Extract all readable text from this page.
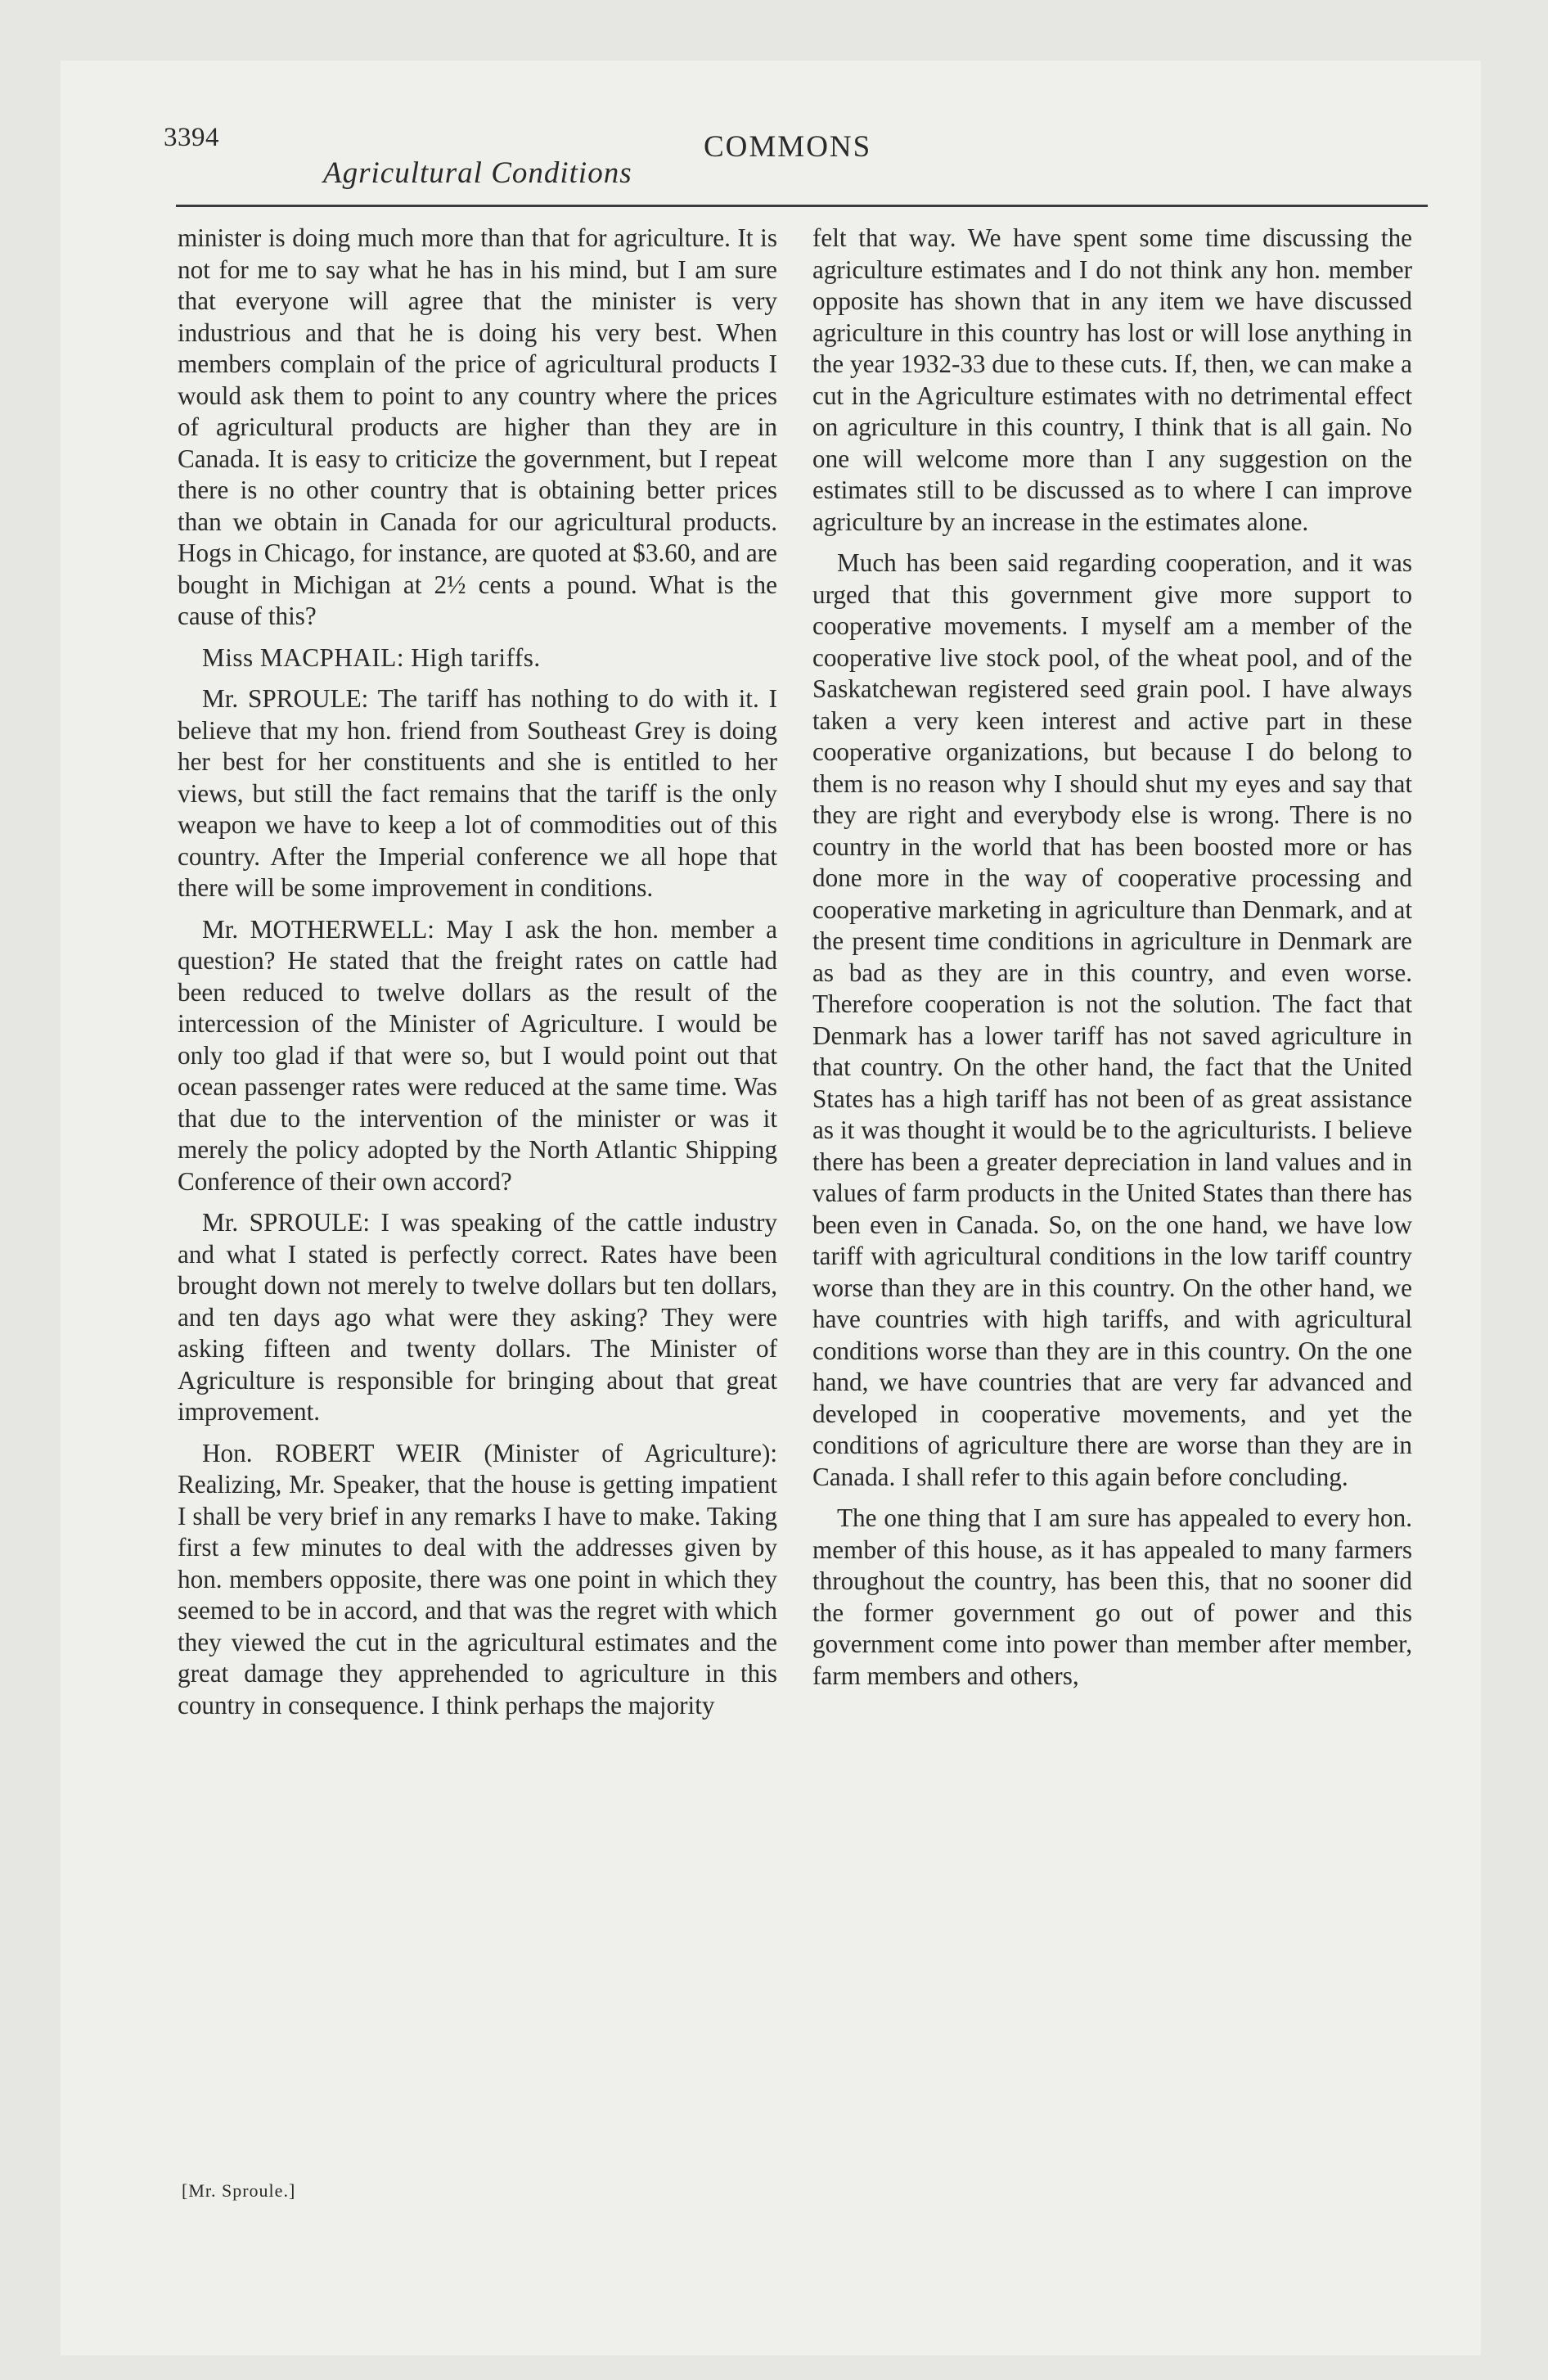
3394
Agricultural Conditions
COMMONS

minister is doing much more than that for agriculture. It is not for me to say what he has in his mind, but I am sure that everyone will agree that the minister is very industrious and that he is doing his very best. When members complain of the price of agricultural products I would ask them to point to any country where the prices of agricultural products are higher than they are in Canada. It is easy to criticize the government, but I repeat there is no other country that is obtaining better prices than we obtain in Canada for our agricultural products. Hogs in Chicago, for instance, are quoted at $3.60, and are bought in Michigan at 2½ cents a pound. What is the cause of this?

Miss MACPHAIL: High tariffs.

Mr. SPROULE: The tariff has nothing to do with it. I believe that my hon. friend from Southeast Grey is doing her best for her constituents and she is entitled to her views, but still the fact remains that the tariff is the only weapon we have to keep a lot of commodities out of this country. After the Imperial conference we all hope that there will be some improvement in conditions.

Mr. MOTHERWELL: May I ask the hon. member a question? He stated that the freight rates on cattle had been reduced to twelve dollars as the result of the intercession of the Minister of Agriculture. I would be only too glad if that were so, but I would point out that ocean passenger rates were reduced at the same time. Was that due to the intervention of the minister or was it merely the policy adopted by the North Atlantic Shipping Conference of their own accord?

Mr. SPROULE: I was speaking of the cattle industry and what I stated is perfectly correct. Rates have been brought down not merely to twelve dollars but ten dollars, and ten days ago what were they asking? They were asking fifteen and twenty dollars. The Minister of Agriculture is responsible for bringing about that great improvement.

Hon. ROBERT WEIR (Minister of Agriculture): Realizing, Mr. Speaker, that the house is getting impatient I shall be very brief in any remarks I have to make. Taking first a few minutes to deal with the addresses given by hon. members opposite, there was one point in which they seemed to be in accord, and that was the regret with which they viewed the cut in the agricultural estimates and the great damage they apprehended to agriculture in this country in consequence. I think perhaps the majority

felt that way. We have spent some time discussing the agriculture estimates and I do not think any hon. member opposite has shown that in any item we have discussed agriculture in this country has lost or will lose anything in the year 1932-33 due to these cuts. If, then, we can make a cut in the Agriculture estimates with no detrimental effect on agriculture in this country, I think that is all gain. No one will welcome more than I any suggestion on the estimates still to be discussed as to where I can improve agriculture by an increase in the estimates alone.

Much has been said regarding cooperation, and it was urged that this government give more support to cooperative movements. I myself am a member of the cooperative live stock pool, of the wheat pool, and of the Saskatchewan registered seed grain pool. I have always taken a very keen interest and active part in these cooperative organizations, but because I do belong to them is no reason why I should shut my eyes and say that they are right and everybody else is wrong. There is no country in the world that has been boosted more or has done more in the way of cooperative processing and cooperative marketing in agriculture than Denmark, and at the present time conditions in agriculture in Denmark are as bad as they are in this country, and even worse. Therefore cooperation is not the solution. The fact that Denmark has a lower tariff has not saved agriculture in that country. On the other hand, the fact that the United States has a high tariff has not been of as great assistance as it was thought it would be to the agriculturists. I believe there has been a greater depreciation in land values and in values of farm products in the United States than there has been even in Canada. So, on the one hand, we have low tariff with agricultural conditions in the low tariff country worse than they are in this country. On the other hand, we have countries with high tariffs, and with agricultural conditions worse than they are in this country. On the one hand, we have countries that are very far advanced and developed in cooperative movements, and yet the conditions of agriculture there are worse than they are in Canada. I shall refer to this again before concluding.

The one thing that I am sure has appealed to every hon. member of this house, as it has appealed to many farmers throughout the country, has been this, that no sooner did the former government go out of power and this government come into power than member after member, farm members and others,

[Mr. Sproule.]
